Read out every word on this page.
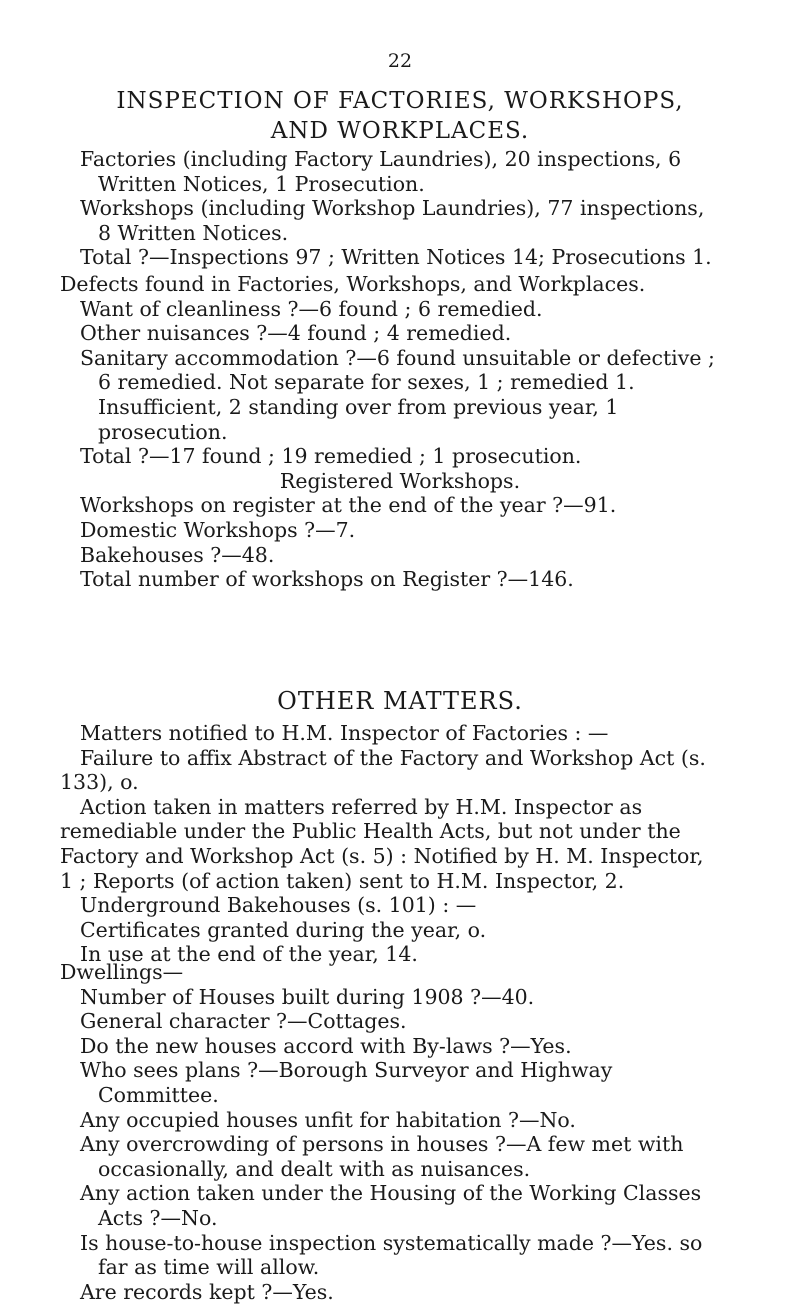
22
INSPECTION OF FACTORIES, WORKSHOPS, AND WORKPLACES.

Factories (including Factory Laundries), 20 inspections, 6 Written Notices, 1 Prosecution.

Workshops (including Workshop Laundries), 77 inspections, 8 Written Notices.

Total ?—Inspections 97 ; Written Notices 14; Prosecutions 1.

Defects found in Factories, Workshops, and Workplaces.

Want of cleanliness ?—6 found ; 6 remedied.

Other nuisances ?—4 found ; 4 remedied.

Sanitary accommodation ?—6 found unsuitable or defective ; 6 remedied. Not separate for sexes, 1 ; remedied 1. Insufficient, 2 standing over from previous year, 1 prosecution.

Total ?—17 found ; 19 remedied ; 1 prosecution.

Registered Workshops.

Workshops on register at the end of the year ?—91.

Domestic Workshops ?—7.

Bakehouses ?—48.

Total number of workshops on Register ?—146.

OTHER MATTERS.

Matters notified to H.M. Inspector of Factories : —

Failure to affix Abstract of the Factory and Workshop Act (s. 133), o.

Action taken in matters referred by H.M. Inspector as remediable under the Public Health Acts, but not under the Factory and Workshop Act (s. 5) : Notified by H. M. Inspector, 1 ; Reports (of action taken) sent to H.M. Inspector, 2.

Underground Bakehouses (s. 101) : —

Certificates granted during the year, o.

In use at the end of the year, 14.

Dwellings—

Number of Houses built during 1908 ?—40.

General character ?—Cottages.

Do the new houses accord with By-laws ?—Yes.

Who sees plans ?—Borough Surveyor and Highway Committee.

Any occupied houses unfit for habitation ?—No.

Any overcrowding of persons in houses ?—A few met with occasionally, and dealt with as nuisances.

Any action taken under the Housing of the Working Classes Acts ?—No.

Is house-to-house inspection systematically made ?—Yes. so far as time will allow.

Are records kept ?—Yes.
